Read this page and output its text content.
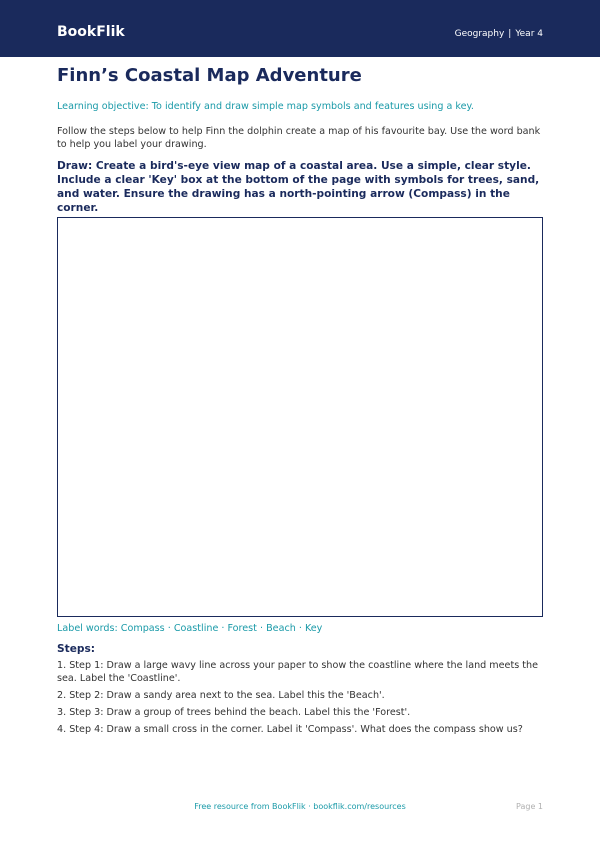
BookFlik	Geography | Year 4
Finn’s Coastal Map Adventure
Learning objective: To identify and draw simple map symbols and features using a key.
Follow the steps below to help Finn the dolphin create a map of his favourite bay. Use the word bank to help you label your drawing.
Draw: Create a bird's-eye view map of a coastal area. Use a simple, clear style. Include a clear 'Key' box at the bottom of the page with symbols for trees, sand, and water. Ensure the drawing has a north-pointing arrow (Compass) in the corner.
Label words: Compass · Coastline · Forest · Beach · Key
Steps:
1. Step 1: Draw a large wavy line across your paper to show the coastline where the land meets the sea. Label the 'Coastline'.
2. Step 2: Draw a sandy area next to the sea. Label this the 'Beach'.
3. Step 3: Draw a group of trees behind the beach. Label this the 'Forest'.
4. Step 4: Draw a small cross in the corner. Label it 'Compass'. What does the compass show us?
Free resource from BookFlik · bookflik.com/resources	Page 1
